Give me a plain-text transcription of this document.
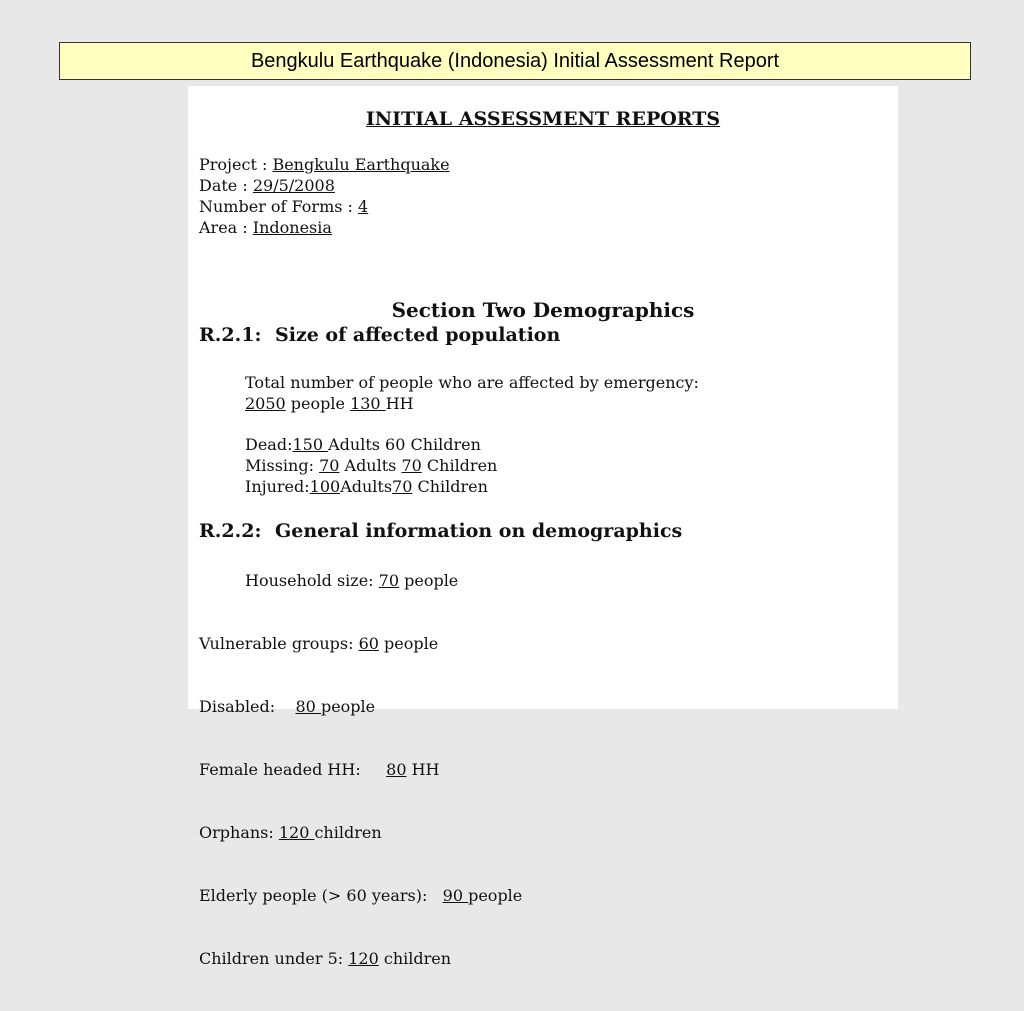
Bengkulu Earthquake (Indonesia) Initial Assessment Report
INITIAL ASSESSMENT REPORTS
Project : Bengkulu Earthquake
Date : 29/5/2008
Number of Forms : 4
Area : Indonesia
Section Two Demographics
R.2.1: Size of affected population
Total number of people who are affected by emergency:
2050 people 130 HH
Dead:150 Adults 60 Children
Missing: 70 Adults 70 Children
Injured:100Adults70 Children
R.2.2: General information on demographics
Household size: 70 people

Vulnerable groups: 60 people

Disabled:    80 people

Female headed HH:     80 HH

Orphans: 120 children

Elderly people (> 60 years):   90 people

Children under 5: 120 children
